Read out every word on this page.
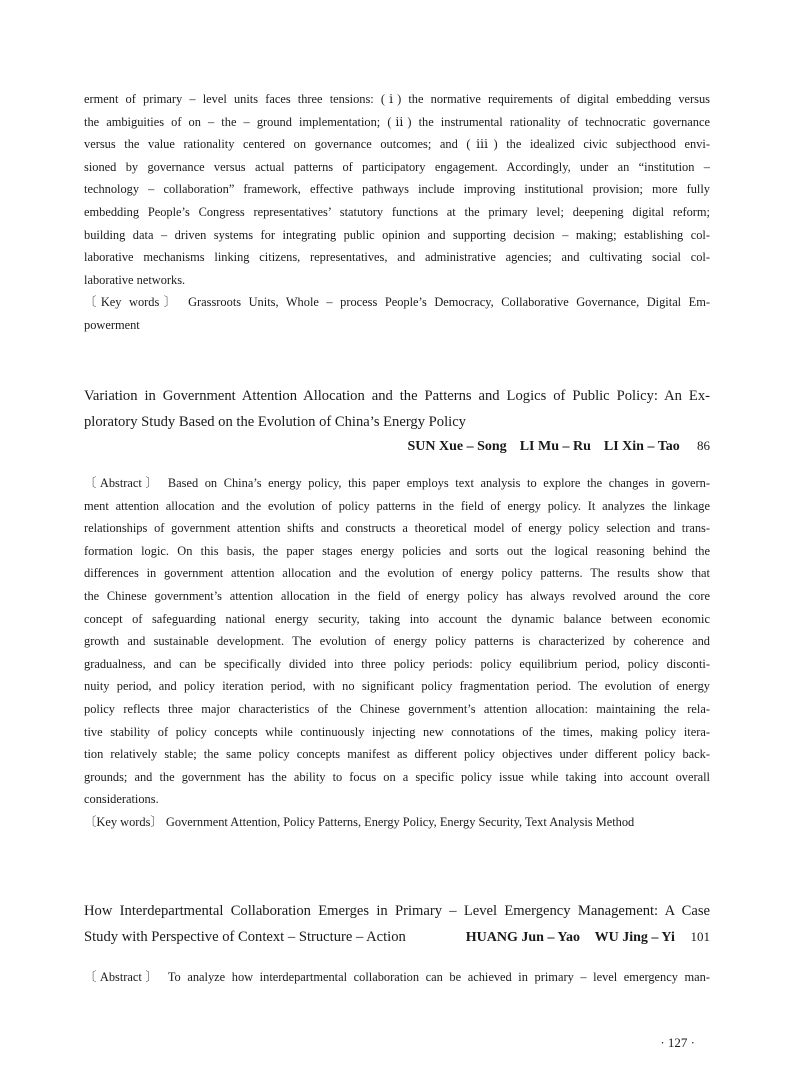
erment of primary – level units faces three tensions: (ⅰ) the normative requirements of digital embedding versus
the ambiguities of on – the – ground implementation; (ⅱ) the instrumental rationality of technocratic governance
versus the value rationality centered on governance outcomes; and (ⅲ) the idealized civic subjecthood envi-
sioned by governance versus actual patterns of participatory engagement. Accordingly, under an “institution –
technology – collaboration” framework, effective pathways include improving institutional provision; more fully
embedding People’s Congress representatives’ statutory functions at the primary level; deepening digital reform;
building data – driven systems for integrating public opinion and supporting decision – making; establishing col-
laborative mechanisms linking citizens, representatives, and administrative agencies; and cultivating social col-
laborative networks.

〔Key words〕 Grassroots Units, Whole – process People’s Democracy, Collaborative Governance, Digital Em-
powerment

Variation in Government Attention Allocation and the Patterns and Logics of Public Policy: An Ex-
ploratory Study Based on the Evolution of China’s Energy Policy

SUN Xue – Song LI Mu – Ru LI Xin – Tao 86

〔Abstract〕 Based on China’s energy policy, this paper employs text analysis to explore the changes in govern-
ment attention allocation and the evolution of policy patterns in the field of energy policy. It analyzes the linkage
relationships of government attention shifts and constructs a theoretical model of energy policy selection and trans-
formation logic. On this basis, the paper stages energy policies and sorts out the logical reasoning behind the
differences in government attention allocation and the evolution of energy policy patterns. The results show that
the Chinese government’s attention allocation in the field of energy policy has always revolved around the core
concept of safeguarding national energy security, taking into account the dynamic balance between economic
growth and sustainable development. The evolution of energy policy patterns is characterized by coherence and
gradualness, and can be specifically divided into three policy periods: policy equilibrium period, policy disconti-
nuity period, and policy iteration period, with no significant policy fragmentation period. The evolution of energy
policy reflects three major characteristics of the Chinese government’s attention allocation: maintaining the rela-
tive stability of policy concepts while continuously injecting new connotations of the times, making policy itera-
tion relatively stable; the same policy concepts manifest as different policy objectives under different policy back-
grounds; and the government has the ability to focus on a specific policy issue while taking into account overall
considerations.

〔Key words〕 Government Attention, Policy Patterns, Energy Policy, Energy Security, Text Analysis Method

How Interdepartmental Collaboration Emerges in Primary – Level Emergency Management: A Case
Study with Perspective of Context – Structure – Action	HUANG Jun – Yao WU Jing – Yi 101

〔Abstract〕 To analyze how interdepartmental collaboration can be achieved in primary – level emergency man-

· 127 ·
